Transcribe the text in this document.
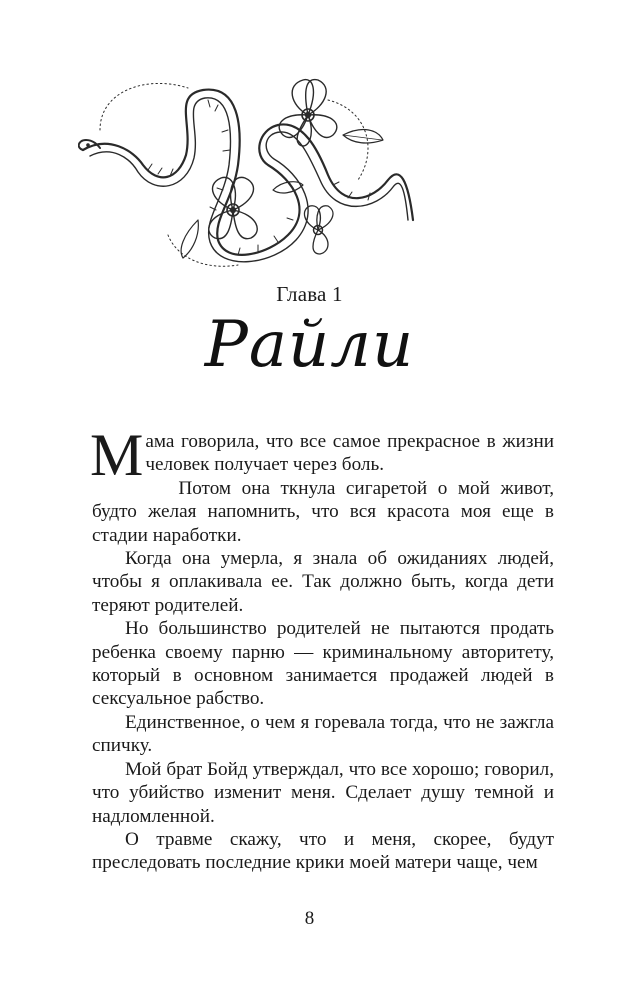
Глава 1
Райли

Мама говорила, что все самое прекрасное в жизни человек получает через боль.

Потом она ткнула сигаретой о мой живот, будто желая напомнить, что вся красота моя еще в стадии наработки.

Когда она умерла, я знала об ожиданиях людей, чтобы я оплакивала ее. Так должно быть, когда дети теряют родителей.

Но большинство родителей не пытаются продать ребенка своему парню — криминальному авторитету, который в основном занимается продажей людей в сексуальное рабство.

Единственное, о чем я горевала тогда, что не зажгла спичку.

Мой брат Бойд утверждал, что все хорошо; говорил, что убийство изменит меня. Сделает душу темной и надломленной.

О травме скажу, что и меня, скорее, будут преследовать последние крики моей матери чаще, чем

8
